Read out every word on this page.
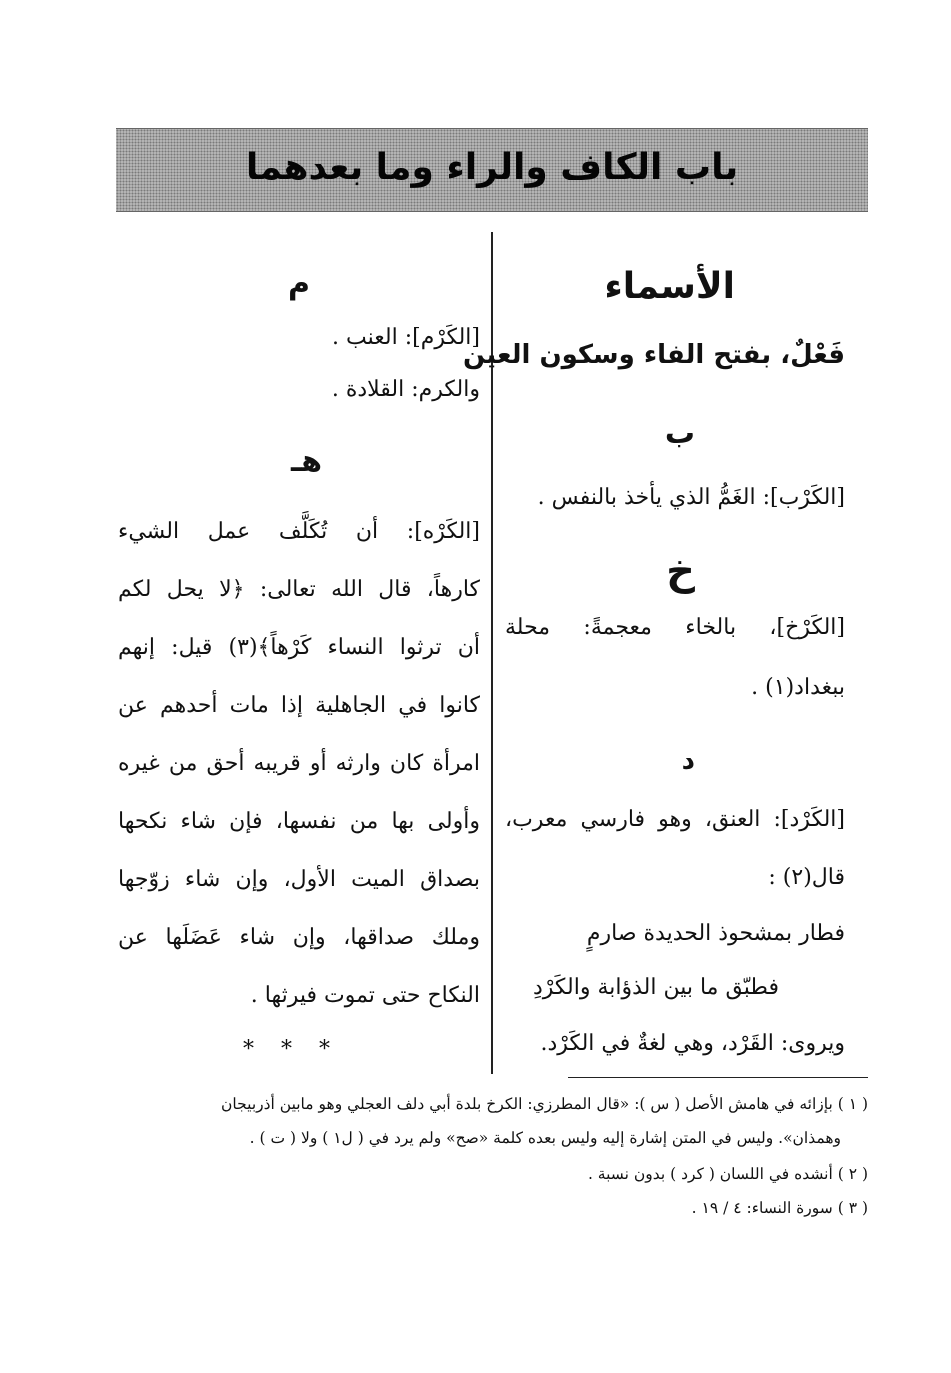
باب الكاف والراء وما بعدهما
الأسماء
فَعْلٌ، بفتح الفاء وسكون العين
ب
[الكَرْب]: الغَمُّ الذي يأخذ بالنفس .
خ
[الكَرْخ]، بالخاء معجمةً: محلة
ببغداد(١) .
د
[الكَرْد]: العنق، وهو فارسي معرب،
قال(٢) :
فطار بمشحوذ الحديدة صارمٍ
فطبّق ما بين الذؤابة والكَرْدِ
ويروى: القَرْد، وهي لغةٌ في الكَرْد.
م
[الكَرْم]: العنب .
والكرم: القلادة .
هـ
[الكَرْه]: أن تُكَلَّف عمل الشيء
كارهاً، قال الله تعالى: ﴿لا يحل لكم
أن ترثوا النساء كَرْهاً﴾(٣) قيل: إنهم
كانوا في الجاهلية إذا مات أحدهم عن
امرأة كان وارثه أو قريبه أحق من غيره
وأولى بها من نفسها، فإن شاء نكحها
بصداق الميت الأول، وإن شاء زوّجها
وملك صداقها، وإن شاء عَضَلَها عن
النكاح حتى تموت فيرثها .
* * *
( ١ ) بإزائه في هامش الأصل ( س ): «قال المطرزي: الكرخ بلدة أبي دلف العجلي وهو مابين أذربيجان
وهمذان». وليس في المتن إشارة إليه وليس بعده كلمة «صح» ولم يرد في ( ل١ ) ولا ( ت ) .
( ٢ ) أنشده في اللسان ( كرد ) بدون نسبة .
( ٣ ) سورة النساء: ٤ / ١٩ .
